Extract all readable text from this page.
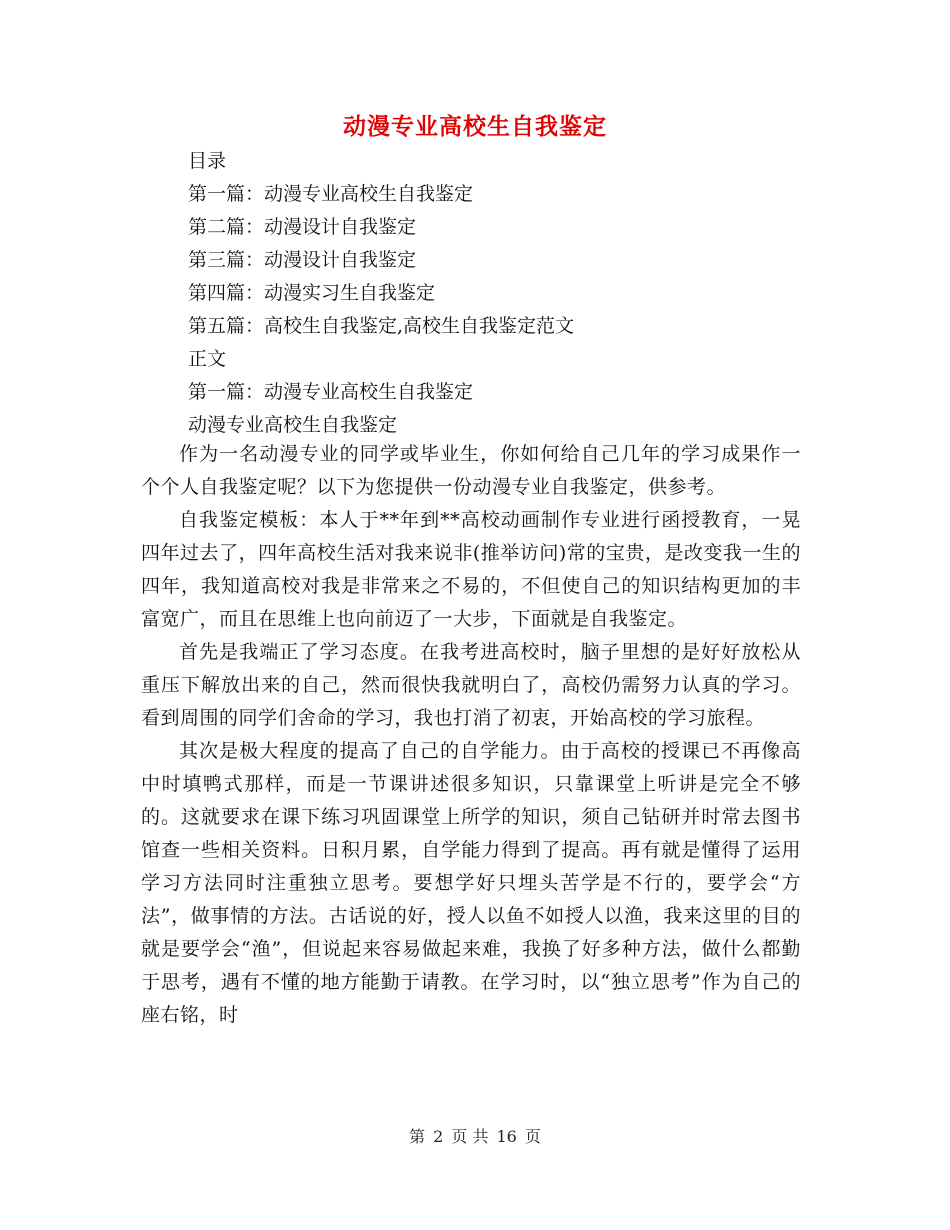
动漫专业高校生自我鉴定
目录
第一篇：动漫专业高校生自我鉴定
第二篇：动漫设计自我鉴定
第三篇：动漫设计自我鉴定
第四篇：动漫实习生自我鉴定
第五篇：高校生自我鉴定,高校生自我鉴定范文
正文
第一篇：动漫专业高校生自我鉴定
动漫专业高校生自我鉴定

作为一名动漫专业的同学或毕业生，你如何给自己几年的学习成果作一个个人自我鉴定呢？以下为您提供一份动漫专业自我鉴定，供参考。

自我鉴定模板：本人于**年到**高校动画制作专业进行函授教育，一晃四年过去了，四年高校生活对我来说非(推举访问)常的宝贵，是改变我一生的四年，我知道高校对我是非常来之不易的，不但使自己的知识结构更加的丰富宽广，而且在思维上也向前迈了一大步，下面就是自我鉴定。

首先是我端正了学习态度。在我考进高校时，脑子里想的是好好放松从重压下解放出来的自己，然而很快我就明白了，高校仍需努力认真的学习。看到周围的同学们舍命的学习，我也打消了初衷，开始高校的学习旅程。

其次是极大程度的提高了自己的自学能力。由于高校的授课已不再像高中时填鸭式那样，而是一节课讲述很多知识，只靠课堂上听讲是完全不够的。这就要求在课下练习巩固课堂上所学的知识，须自己钻研并时常去图书馆查一些相关资料。日积月累，自学能力得到了提高。再有就是懂得了运用学习方法同时注重独立思考。要想学好只埋头苦学是不行的，要学会“方法”，做事情的方法。古话说的好，授人以鱼不如授人以渔，我来这里的目的就是要学会“渔”，但说起来容易做起来难，我换了好多种方法，做什么都勤于思考，遇有不懂的地方能勤于请教。在学习时，以“独立思考”作为自己的座右铭，时

第 2 页 共 16 页
